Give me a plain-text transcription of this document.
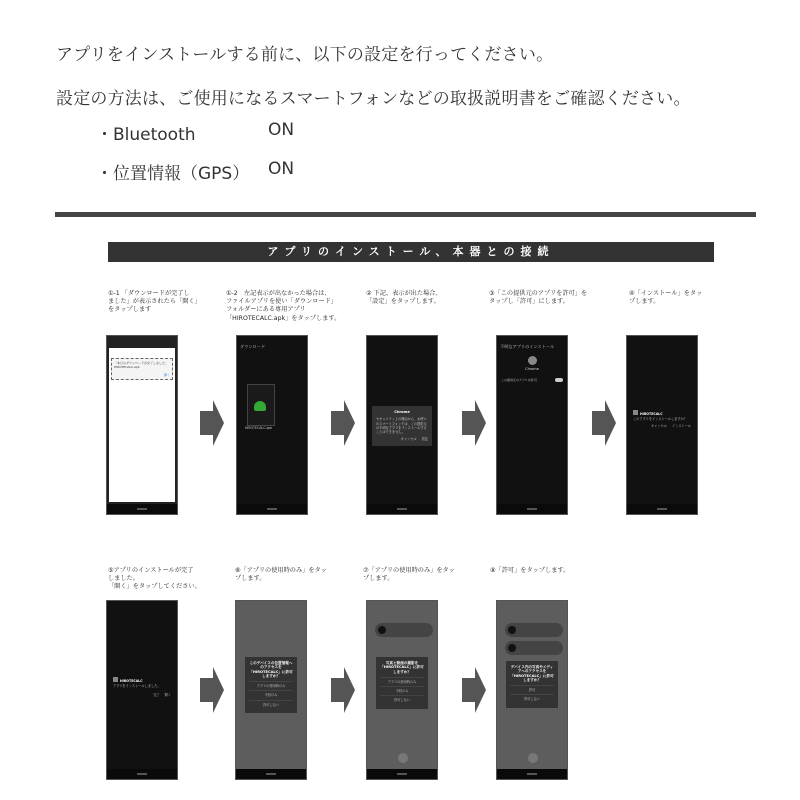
アプリをインストールする前に、以下の設定を行ってください。
設定の方法は、ご使用になるスマートフォンなどの取扱説明書をご確認ください。
・Bluetooth	ON
・位置情報（GPS） ON
アプリのインストール、本器との接続
①-1 「ダウンロードが完了し
ました」が表示されたら「開く」
をタップします
「本日のダウンロードが完了しました」
HIROTECALC.apk
開く
①-2　左記表示が出なかった場合は、
ファイルアプリを使い「ダウンロード」
フォルダーにある専用アプリ
「HIROTECALC.apk」をタップします。
ダウンロード
HIROTECALC.apk
② 下記、表示が出た場合、
「設定」をタップします。
Chrome
セキュリティ上の理由から、お使いのスマートフォンでは、この提供元の不明なアプリをインストールすることはできません。
キャンセル 設定
③「この提供元のアプリを許可」を
タップし「許可」にします。
不明なアプリのインストール
Chrome
この提供元のアプリを許可
④「インストール」をタッ
プします。
HIROTECALC
このアプリをインストールしますか？
キャンセル インストール
⑤アプリのインストールが完了
しました。
「開く」をタップしてください。
HIROTECALC
アプリをインストールしました。
完了 開く
⑥「アプリの使用時のみ」をタッ
プします。
このデバイスの位置情報へのアクセスを「HIROTECALC」に許可しますか？
アプリの使用時のみ
今回のみ
許可しない
⑦「アプリの使用時のみ」をタッ
プします。
写真と動画の撮影を「HIROTECALC」に許可しますか？
アプリの使用時のみ
今回のみ
許可しない
⑧「許可」をタップします。
デバイス内の写真やメディアへのアクセスを「HIROTECALC」に許可しますか？
許可
許可しない
